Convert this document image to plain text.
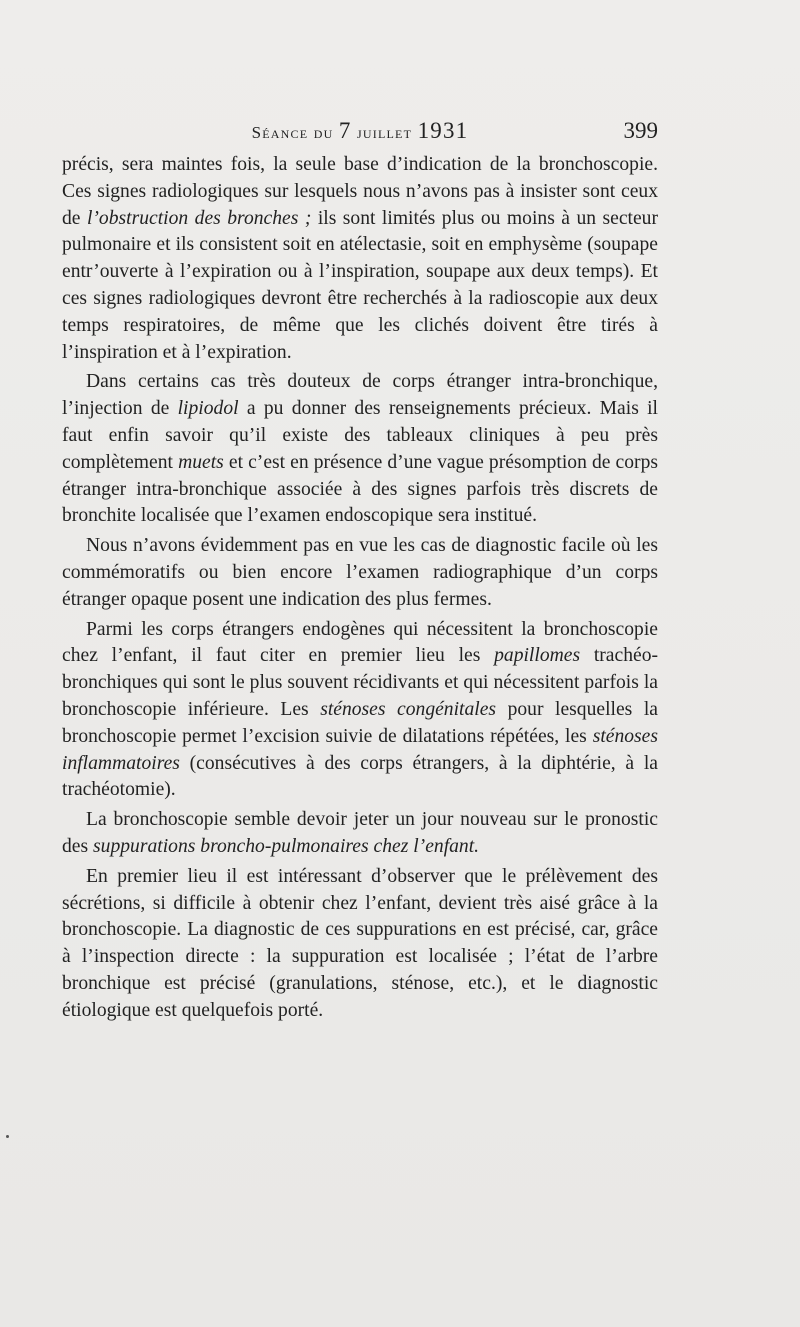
Séance du 7 juillet 1931	399

précis, sera maintes fois, la seule base d’indication de la bronchoscopie. Ces signes radiologiques sur lesquels nous n’avons pas à insister sont ceux de l’obstruction des bronches ; ils sont limités plus ou moins à un secteur pulmonaire et ils consistent soit en atélectasie, soit en emphysème (soupape entr’ouverte à l’expiration ou à l’inspiration, soupape aux deux temps). Et ces signes radiologiques devront être recherchés à la radioscopie aux deux temps respiratoires, de même que les clichés doivent être tirés à l’inspiration et à l’expiration.

Dans certains cas très douteux de corps étranger intra-bronchique, l’injection de lipiodol a pu donner des renseignements précieux. Mais il faut enfin savoir qu’il existe des tableaux cliniques à peu près complètement muets et c’est en présence d’une vague présomption de corps étranger intra-bronchique associée à des signes parfois très discrets de bronchite localisée que l’examen endoscopique sera institué.

Nous n’avons évidemment pas en vue les cas de diagnostic facile où les commémoratifs ou bien encore l’examen radiographique d’un corps étranger opaque posent une indication des plus fermes.

Parmi les corps étrangers endogènes qui nécessitent la bronchoscopie chez l’enfant, il faut citer en premier lieu les papillomes trachéo-bronchiques qui sont le plus souvent récidivants et qui nécessitent parfois la bronchoscopie inférieure. Les sténoses congénitales pour lesquelles la bronchoscopie permet l’excision suivie de dilatations répétées, les sténoses inflammatoires (consécutives à des corps étrangers, à la diphtérie, à la trachéotomie).

La bronchoscopie semble devoir jeter un jour nouveau sur le pronostic des suppurations broncho-pulmonaires chez l’enfant.

En premier lieu il est intéressant d’observer que le prélèvement des sécrétions, si difficile à obtenir chez l’enfant, devient très aisé grâce à la bronchoscopie. La diagnostic de ces suppurations en est précisé, car, grâce à l’inspection directe : la suppuration est localisée ; l’état de l’arbre bronchique est précisé (granulations, sténose, etc.), et le diagnostic étiologique est quelquefois porté.
